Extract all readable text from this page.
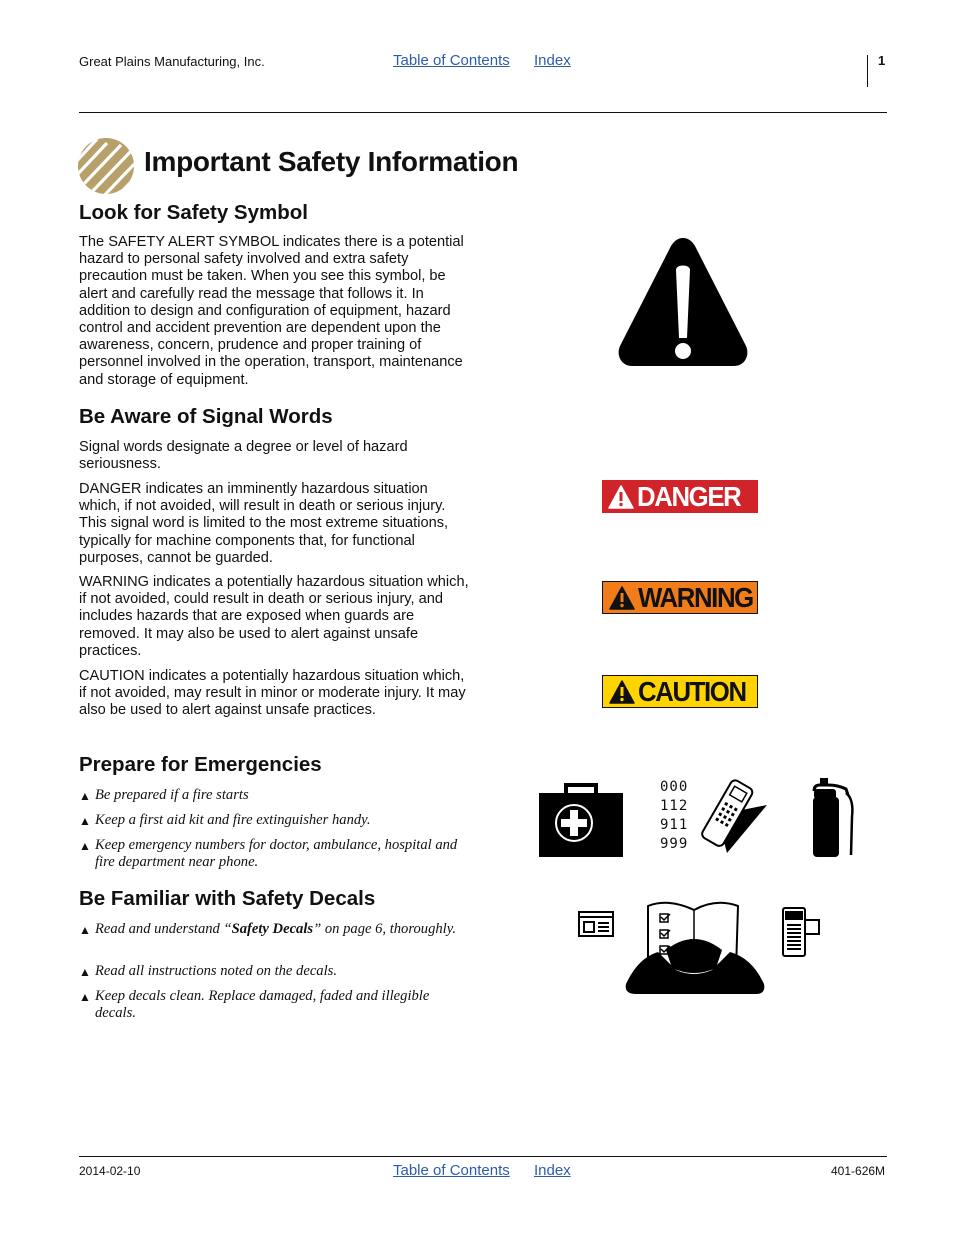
Great Plains Manufacturing, Inc.	Table of Contents Index	1
Important Safety Information
Look for Safety Symbol

The SAFETY ALERT SYMBOL indicates there is a potential hazard to personal safety involved and extra safety precaution must be taken. When you see this symbol, be alert and carefully read the message that follows it. In addition to design and configuration of equipment, hazard control and accident prevention are dependent upon the awareness, concern, prudence and proper training of personnel involved in the operation, transport, maintenance and storage of equipment.

Be Aware of Signal Words

Signal words designate a degree or level of hazard seriousness.

DANGER indicates an imminently hazardous situation which, if not avoided, will result in death or serious injury. This signal word is limited to the most extreme situations, typically for machine components that, for functional purposes, cannot be guarded.

WARNING indicates a potentially hazardous situation which, if not avoided, could result in death or serious injury, and includes hazards that are exposed when guards are removed. It may also be used to alert against unsafe practices.

CAUTION indicates a potentially hazardous situation which, if not avoided, may result in minor or moderate injury. It may also be used to alert against unsafe practices.

DANGER
WARNING
CAUTION
Prepare for Emergencies
▲ Be prepared if a fire starts
▲ Keep a first aid kit and fire extinguisher handy.
▲ Keep emergency numbers for doctor, ambulance, hospital and fire department near phone.
000
112
911
999
Be Familiar with Safety Decals
▲ Read and understand “Safety Decals” on page 6, thoroughly.
▲ Read all instructions noted on the decals.
▲ Keep decals clean. Replace damaged, faded and illegible decals.
2014-02-10	Table of Contents Index	401-626M
